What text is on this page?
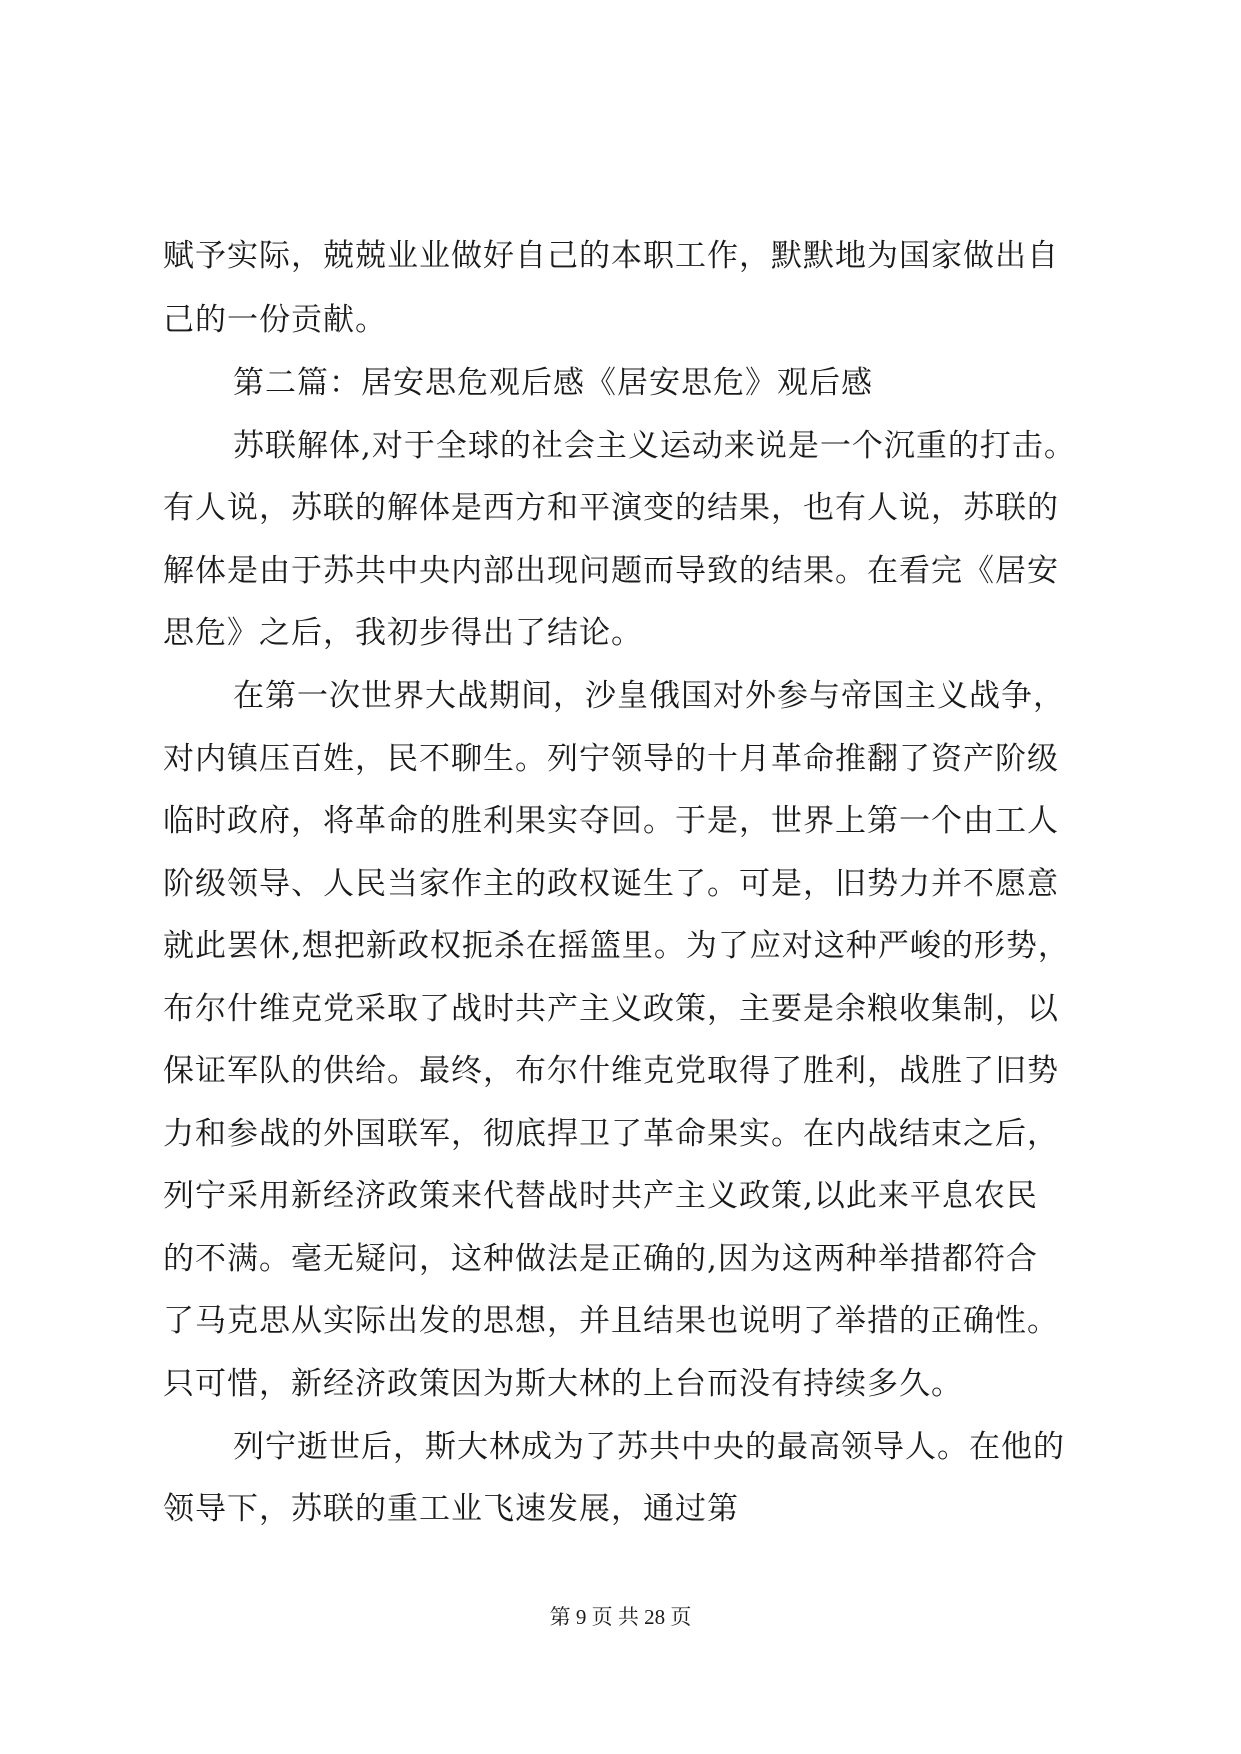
赋予实际，兢兢业业做好自己的本职工作，默默地为国家做出自
己的一份贡献。
第二篇：居安思危观后感《居安思危》观后感
苏联解体,对于全球的社会主义运动来说是一个沉重的打击。
有人说，苏联的解体是西方和平演变的结果，也有人说，苏联的
解体是由于苏共中央内部出现问题而导致的结果。在看完《居安
思危》之后，我初步得出了结论。
在第一次世界大战期间，沙皇俄国对外参与帝国主义战争，
对内镇压百姓，民不聊生。列宁领导的十月革命推翻了资产阶级
临时政府，将革命的胜利果实夺回。于是，世界上第一个由工人
阶级领导、人民当家作主的政权诞生了。可是，旧势力并不愿意
就此罢休,想把新政权扼杀在摇篮里。为了应对这种严峻的形势，
布尔什维克党采取了战时共产主义政策，主要是余粮收集制，以
保证军队的供给。最终，布尔什维克党取得了胜利，战胜了旧势
力和参战的外国联军，彻底捍卫了革命果实。在内战结束之后，
列宁采用新经济政策来代替战时共产主义政策,以此来平息农民
的不满。毫无疑问，这种做法是正确的,因为这两种举措都符合
了马克思从实际出发的思想，并且结果也说明了举措的正确性。
只可惜，新经济政策因为斯大林的上台而没有持续多久。
列宁逝世后，斯大林成为了苏共中央的最高领导人。在他的
领导下，苏联的重工业飞速发展，通过第
第 9 页 共 28 页
